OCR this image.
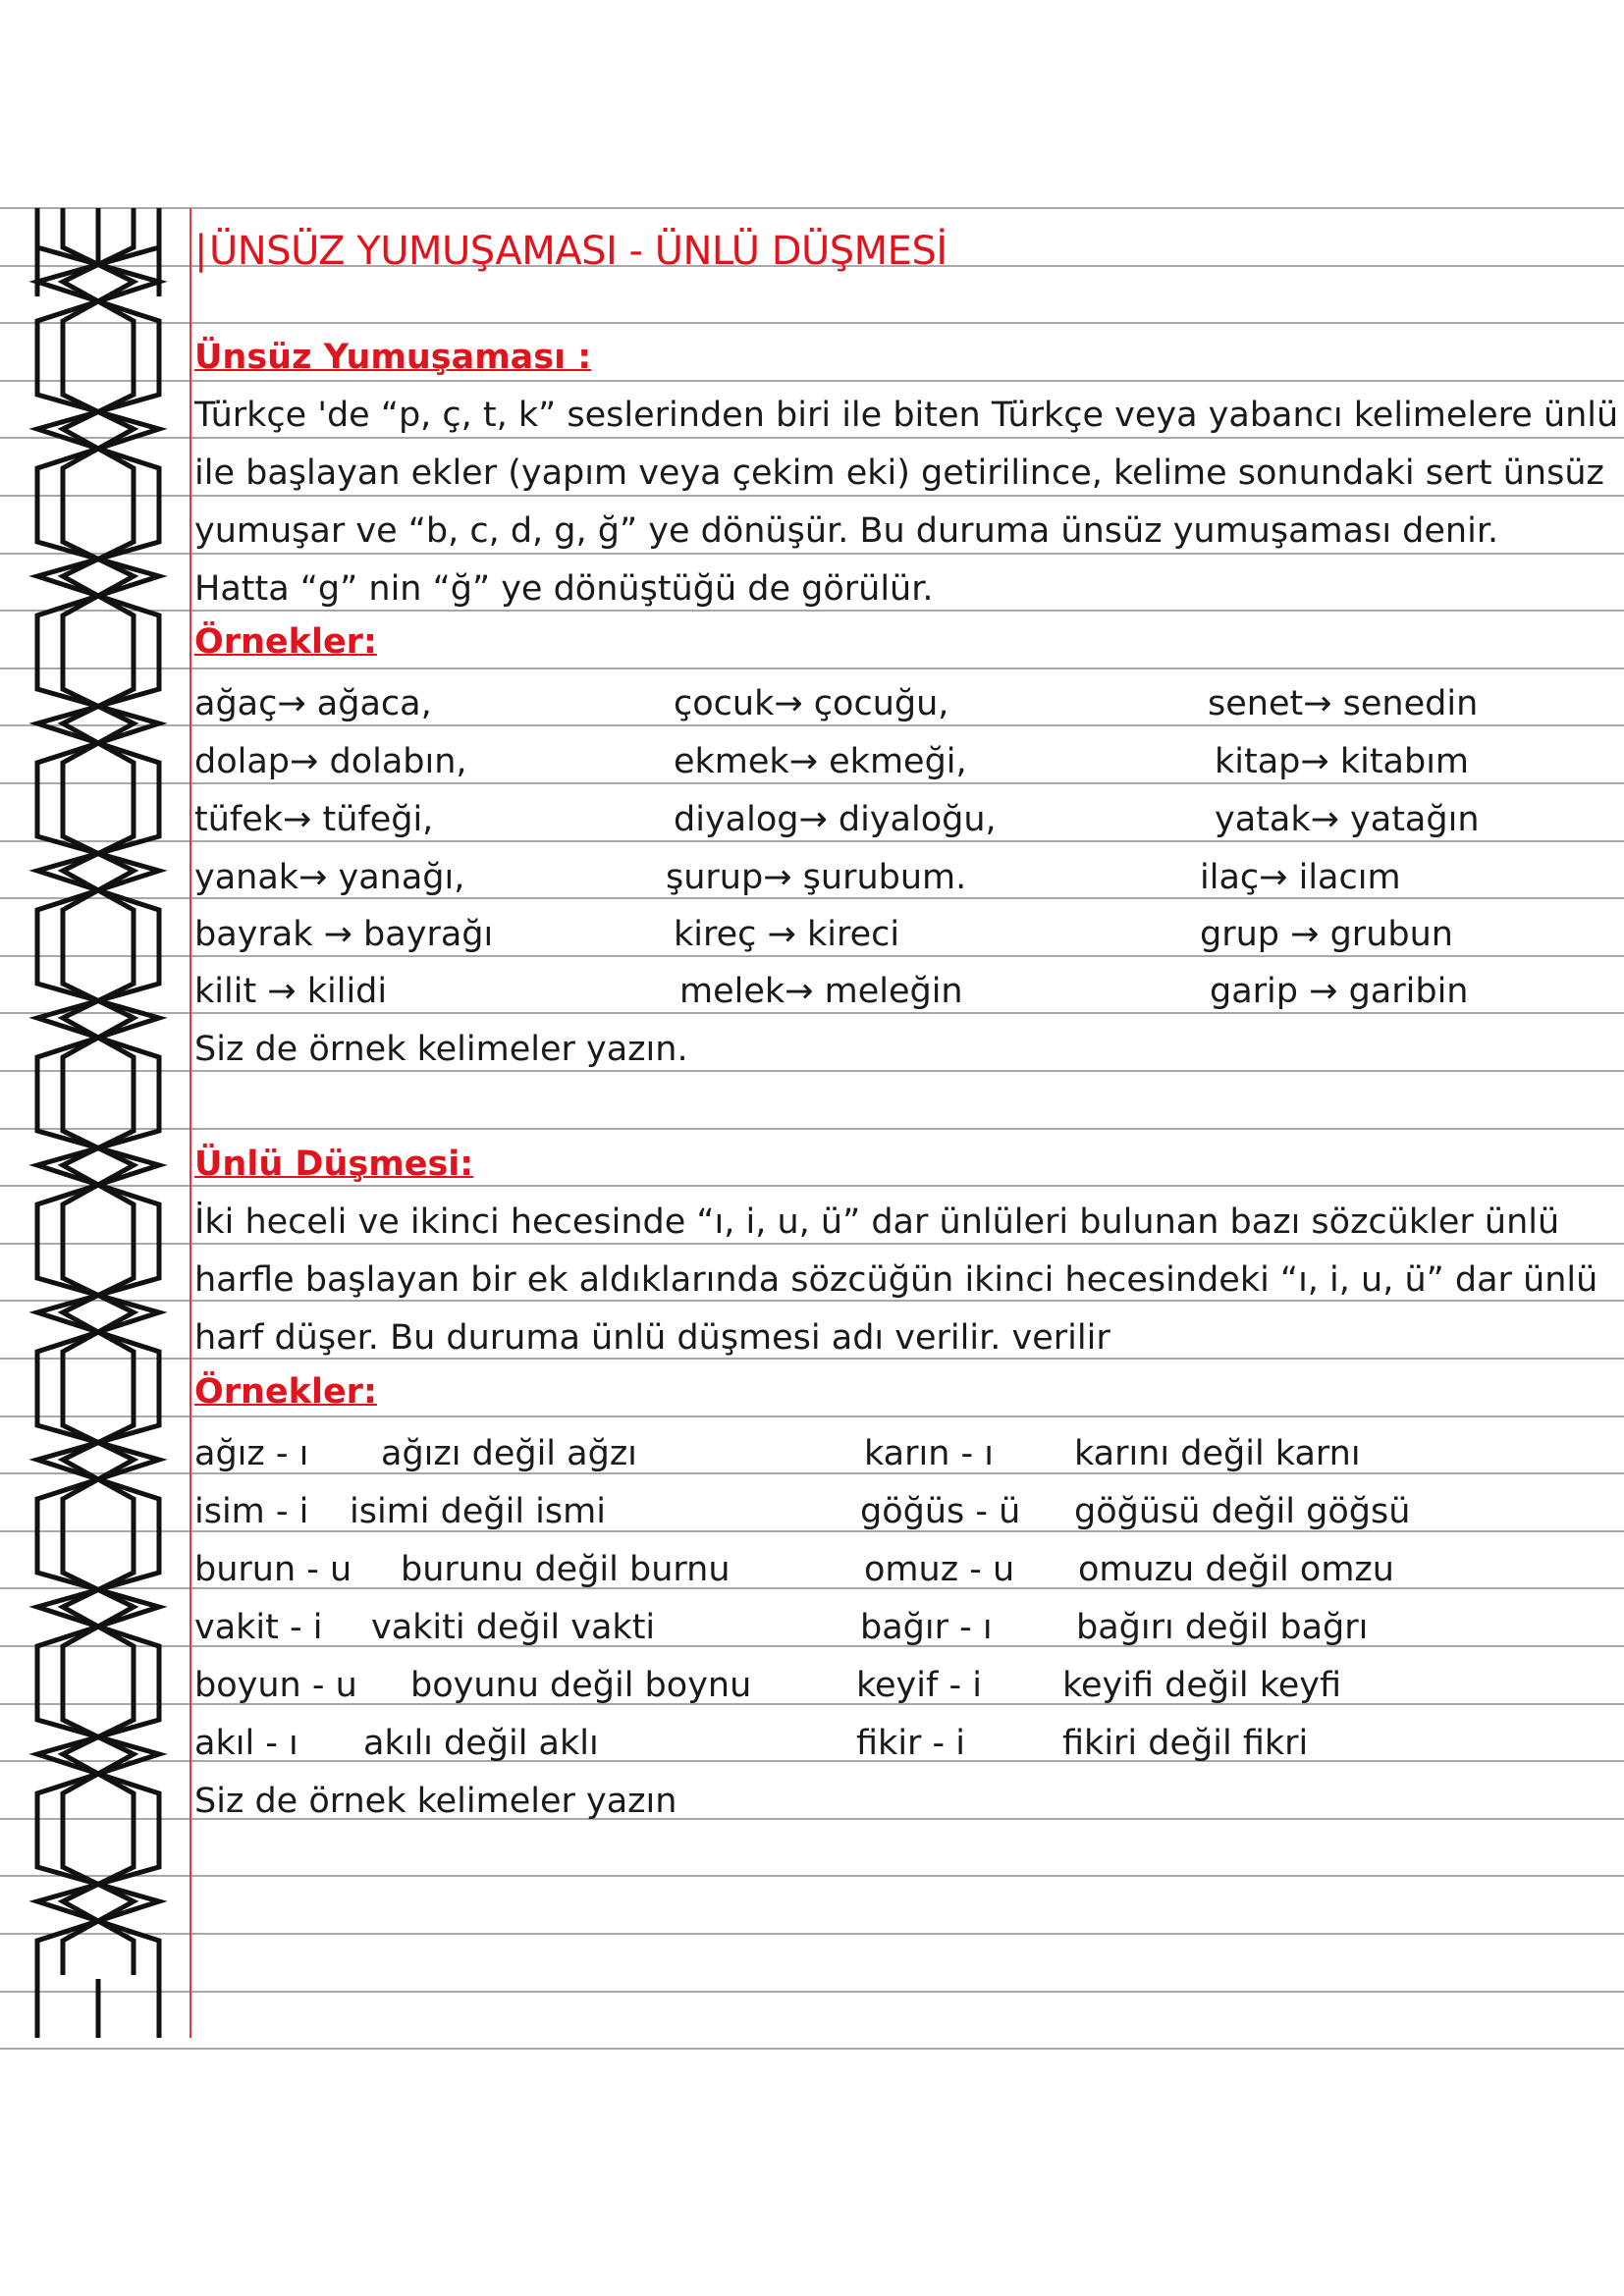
ÜNSÜZ YUMUŞAMASI - ÜNLÜ DÜŞMESİ
|
Ünsüz Yumuşaması :
Türkçe 'de “p, ç, t, k” seslerinden biri ile biten Türkçe veya yabancı kelimelere ünlü
ile başlayan ekler (yapım veya çekim eki) getirilince, kelime sonundaki sert ünsüz
yumuşar ve “b, c, d, g, ğ” ye dönüşür. Bu duruma ünsüz yumuşaması denir.
Hatta “g” nin “ğ” ye dönüştüğü de görülür.
Örnekler:
ağaç→ ağaca,	çocuk→ çocuğu,	senet→ senedin
dolap→ dolabın,	ekmek→ ekmeği,	kitap→ kitabım
tüfek→ tüfeği,	diyalog→ diyaloğu,	yatak→ yatağın
yanak→ yanağı,	şurup→ şurubum.	ilaç→ ilacım
bayrak → bayrağı	kireç → kireci	grup → grubun
kilit → kilidi	melek→ meleğin	garip → garibin
Siz de örnek kelimeler yazın.
Ünlü Düşmesi:
İki heceli ve ikinci hecesinde “ı, i, u, ü” dar ünlüleri bulunan bazı sözcükler ünlü
harfle başlayan bir ek aldıklarında sözcüğün ikinci hecesindeki “ı, i, u, ü” dar ünlü
harf düşer. Bu duruma ünlü düşmesi adı verilir. verilir
Örnekler:
ağız - ı ağızı değil ağzı	karın - ı karını değil karnı
isim - i isimi değil ismi	göğüs - ü göğüsü değil göğsü
burun - u burunu değil burnu	omuz - u omuzu değil omzu
vakit - i vakiti değil vakti	bağır - ı bağırı değil bağrı
boyun - u boyunu değil boynu	keyif - i keyifi değil keyfi
akıl - ı akılı değil aklı	fikir - i	fikiri değil fikri
Siz de örnek kelimeler yazın
